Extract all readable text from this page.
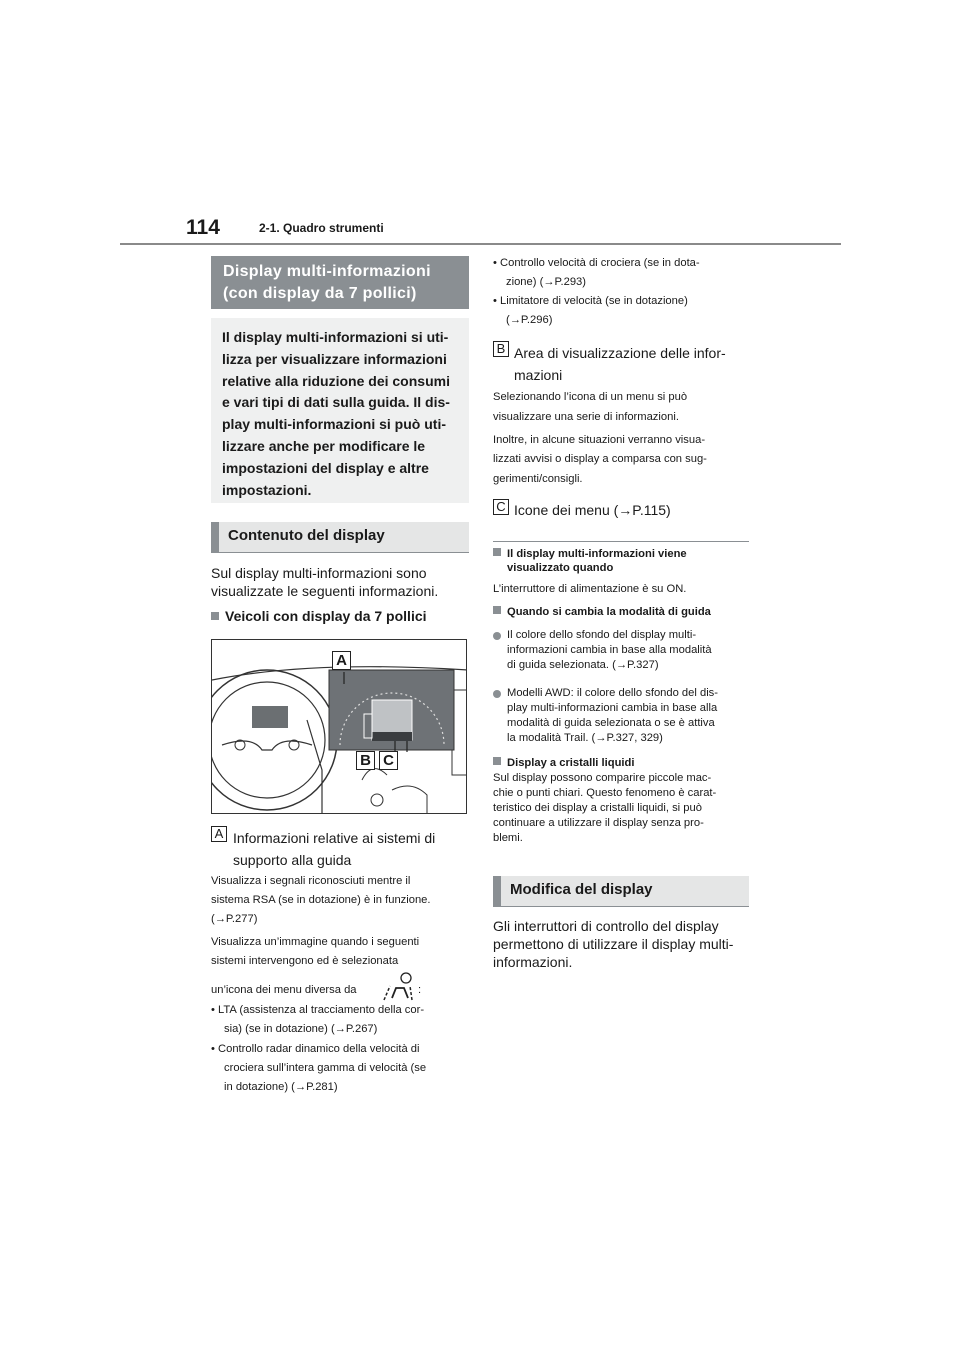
114	2-1. Quadro strumenti
Display multi-informazioni (con display da 7 pollici)
Il display multi-informazioni si uti- lizza per visualizzare informazioni relative alla riduzione dei consumi e vari tipi di dati sulla guida. Il dis- play multi-informazioni si può uti- lizzare anche per modificare le impostazioni del display e altre impostazioni.
Contenuto del display
Sul display multi-informazioni sono
visualizzate le seguenti informazioni.
Veicoli con display da 7 pollici
A
B C
A Informazioni relative ai sistemi di
supporto alla guida
Visualizza i segnali riconosciuti mentre il
sistema RSA (se in dotazione) è in funzione.
(→P.277)
Visualizza un’immagine quando i seguenti
sistemi intervengono ed è selezionata
un’icona dei menu diversa da	:
• LTA (assistenza al tracciamento della cor-
sia) (se in dotazione) (→P.267)
• Controllo radar dinamico della velocità di
crociera sull’intera gamma di velocità (se
in dotazione) (→P.281)
• Controllo velocità di crociera (se in dota-
zione) (→P.293)
• Limitatore di velocità (se in dotazione)
(→P.296)
B Area di visualizzazione delle infor-
mazioni
Selezionando l’icona di un menu si può
visualizzare una serie di informazioni.
Inoltre, in alcune situazioni verranno visua-
lizzati avvisi o display a comparsa con sug-
gerimenti/consigli.
C Icone dei menu (→P.115)
Il display multi-informazioni viene
visualizzato quando
L’interruttore di alimentazione è su ON.
Quando si cambia la modalità di guida
Il colore dello sfondo del display multi-
informazioni cambia in base alla modalità
di guida selezionata. (→P.327)
Modelli AWD: il colore dello sfondo del dis-
play multi-informazioni cambia in base alla
modalità di guida selezionata o se è attiva
la modalità Trail. (→P.327, 329)
Display a cristalli liquidi
Sul display possono comparire piccole mac-
chie o punti chiari. Questo fenomeno è carat-
teristico dei display a cristalli liquidi, si può
continuare a utilizzare il display senza pro-
blemi.
Modifica del display
Gli interruttori di controllo del display
permettono di utilizzare il display multi-
informazioni.
